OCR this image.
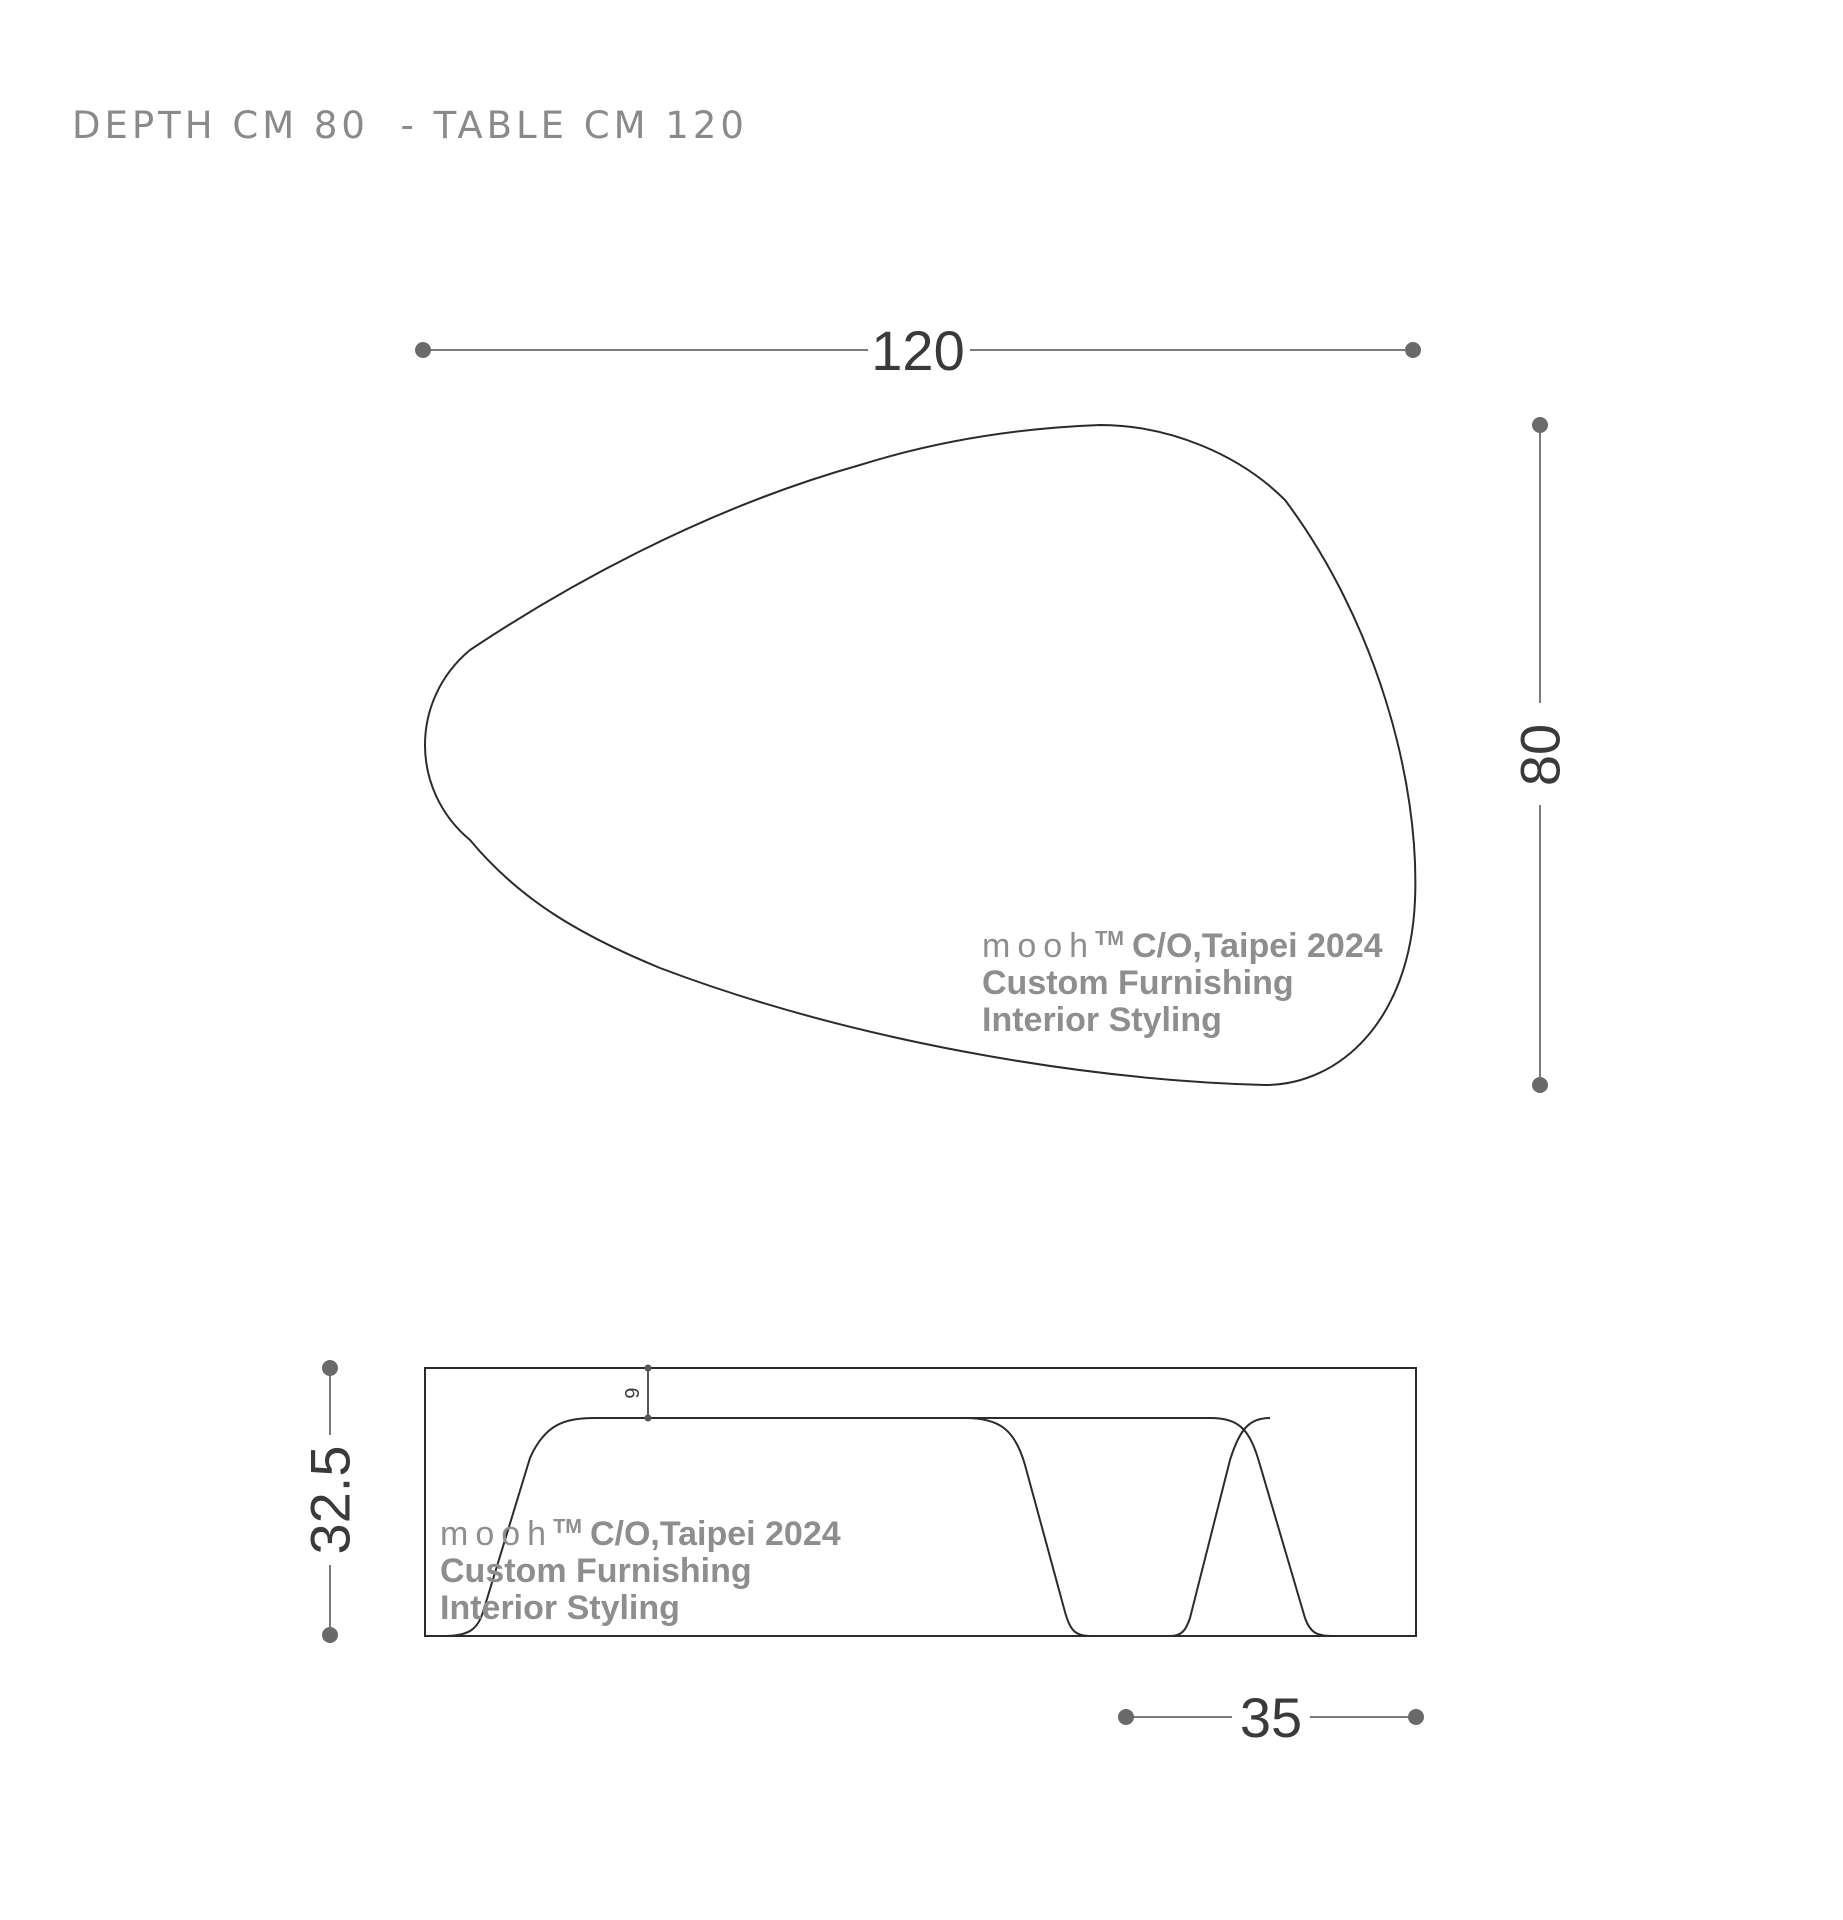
DEPTH CM 80  - TABLE CM 120
120
80
mooh™ C/O,Taipei 2024
Custom Furnishing
Interior Styling
32.5
6
mooh™ C/O,Taipei 2024
Custom Furnishing
Interior Styling
35
